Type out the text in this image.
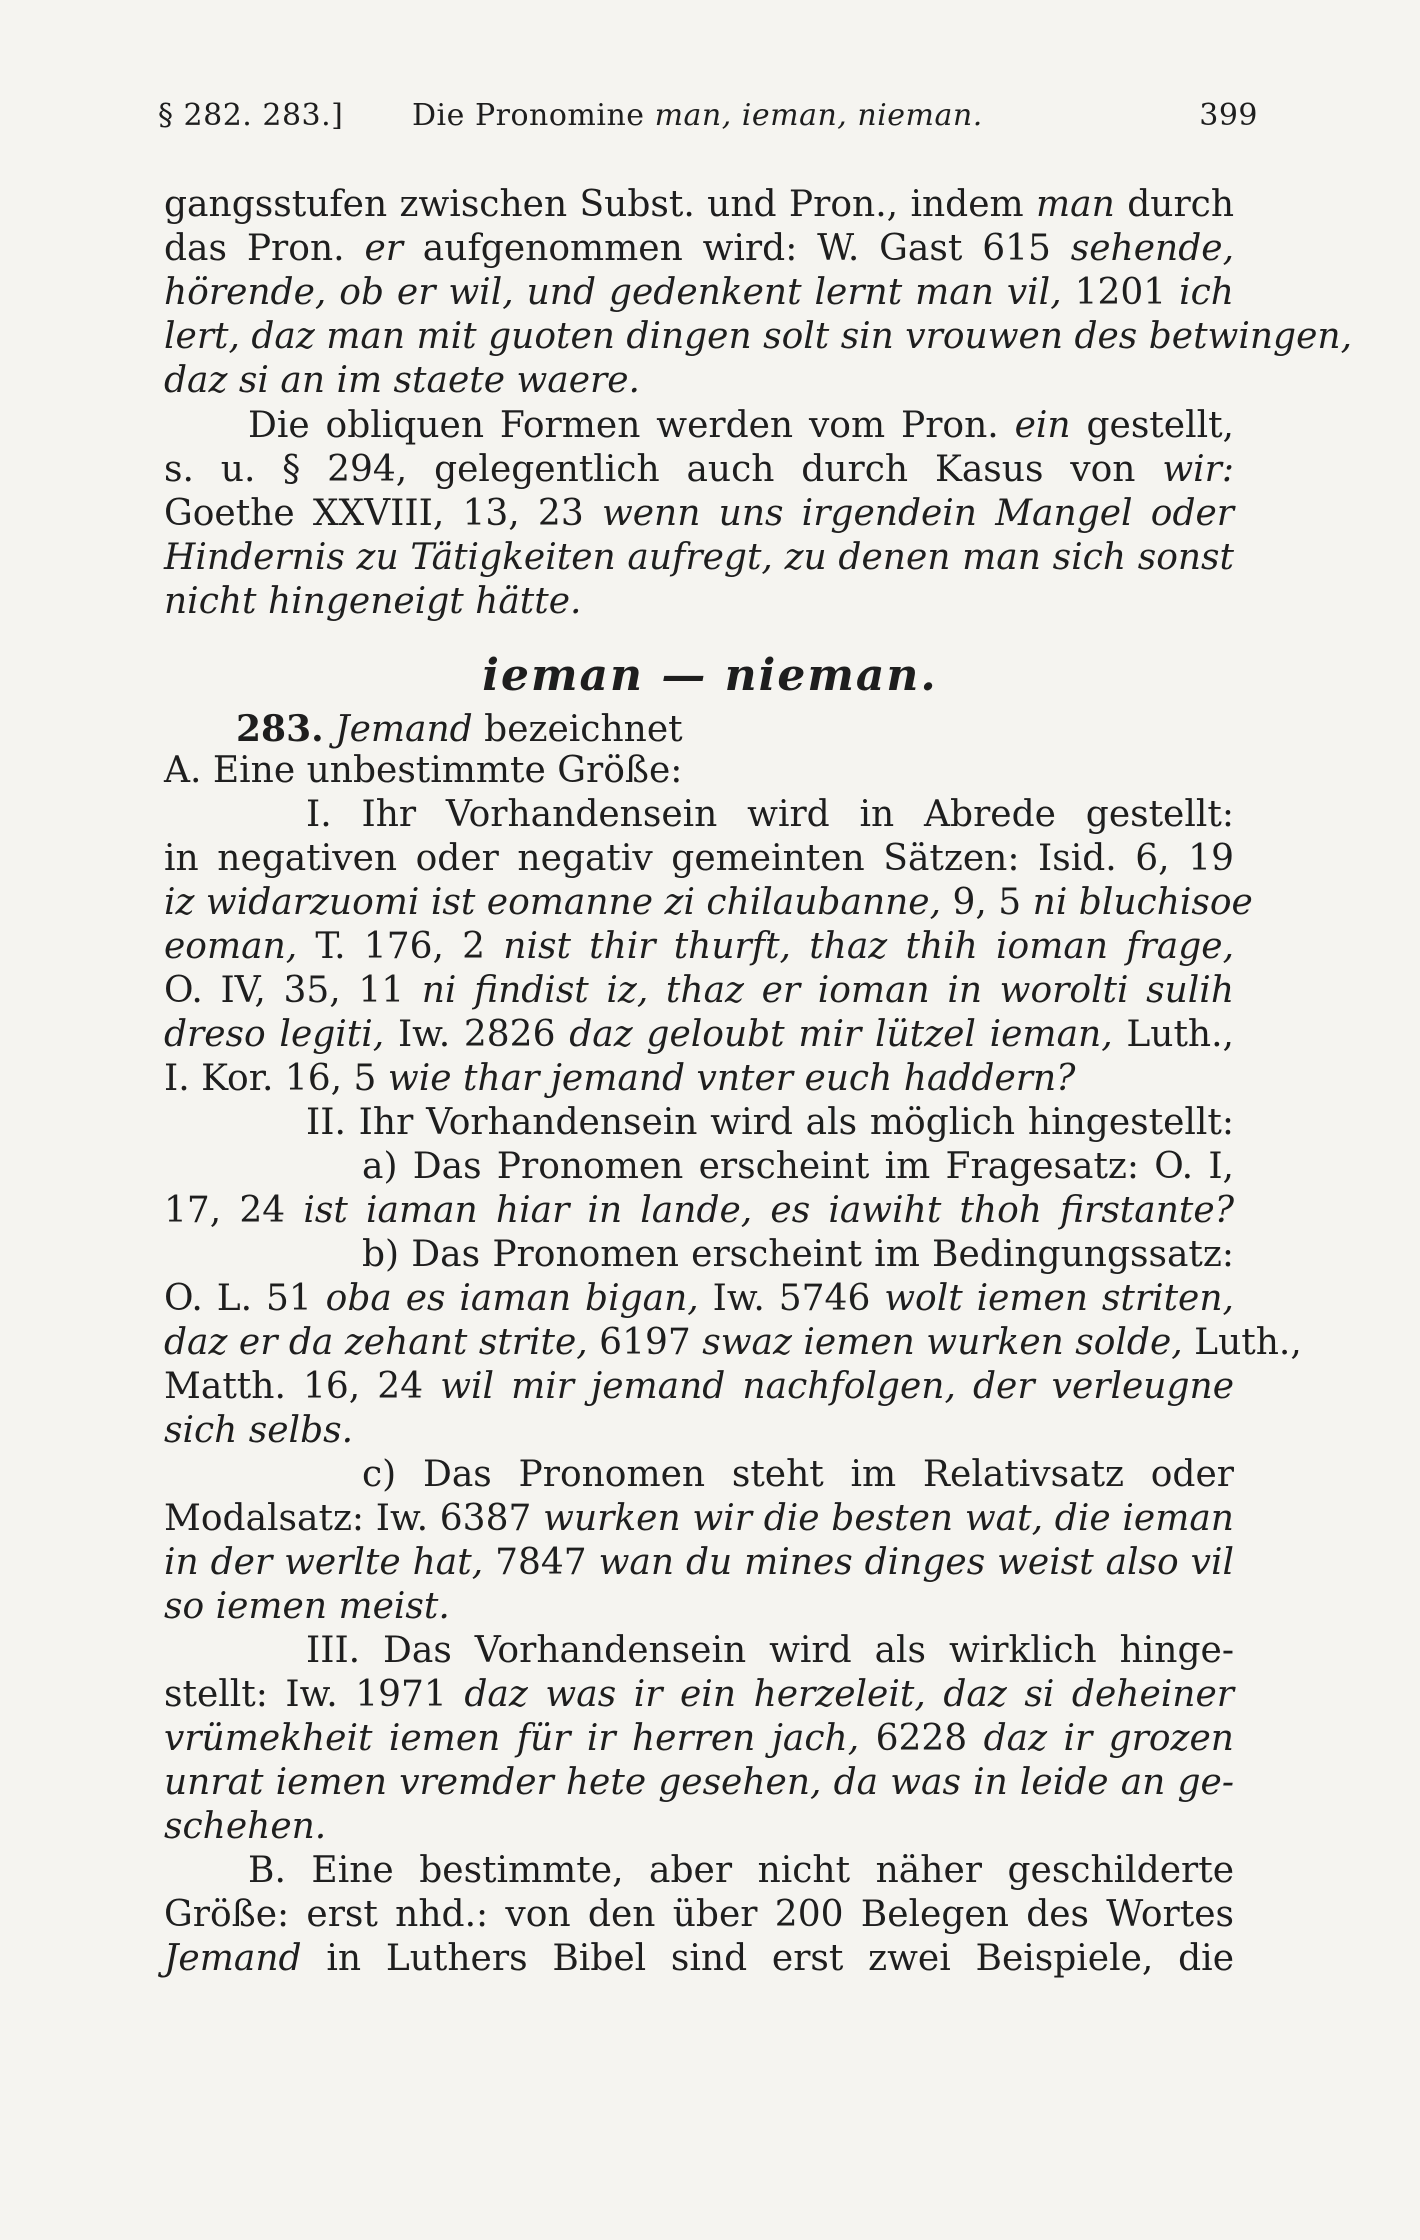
§ 282. 283.] Die Pronomine man, ieman, nieman.	399
ieman — nieman.
gangsstufen zwischen Subst. und Pron., indem man durch
das Pron. er aufgenommen wird: W. Gast 615 sehende,
hörende, ob er wil, und gedenkent lernt man vil, 1201 ich
lert, daz man mit guoten dingen solt sin vrouwen des betwingen,
daz si an im staete waere.
Die obliquen Formen werden vom Pron. ein gestellt,
s. u. § 294, gelegentlich auch durch Kasus von wir:
Goethe XXVIII, 13, 23 wenn uns irgendein Mangel oder
Hindernis zu Tätigkeiten aufregt, zu denen man sich sonst
nicht hingeneigt hätte.
283. Jemand bezeichnet
A. Eine unbestimmte Größe:
I. Ihr Vorhandensein wird in Abrede gestellt:
in negativen oder negativ gemeinten Sätzen: Isid. 6, 19
iz widarzuomi ist eomanne zi chilaubanne, 9, 5 ni bluchisoe
eoman, T. 176, 2 nist thir thurft, thaz thih ioman frage,
O. IV, 35, 11 ni findist iz, thaz er ioman in worolti sulih
dreso legiti, Iw. 2826 daz geloubt mir lützel ieman, Luth.,
I. Kor. 16, 5 wie thar jemand vnter euch haddern?
II. Ihr Vorhandensein wird als möglich hingestellt:
a) Das Pronomen erscheint im Fragesatz: O. I,
17, 24 ist iaman hiar in lande, es iawiht thoh firstante?
b) Das Pronomen erscheint im Bedingungssatz:
O. L. 51 oba es iaman bigan, Iw. 5746 wolt iemen striten,
daz er da zehant strite, 6197 swaz iemen wurken solde, Luth.,
Matth. 16, 24 wil mir jemand nachfolgen, der verleugne
sich selbs.
c) Das Pronomen steht im Relativsatz oder
Modalsatz: Iw. 6387 wurken wir die besten wat, die ieman
in der werlte hat, 7847 wan du mines dinges weist also vil
so iemen meist.
III. Das Vorhandensein wird als wirklich hinge-
stellt: Iw. 1971 daz was ir ein herzeleit, daz si deheiner
vrümekheit iemen für ir herren jach, 6228 daz ir grozen
unrat iemen vremder hete gesehen, da was in leide an ge-
schehen.
B. Eine bestimmte, aber nicht näher geschilderte
Größe: erst nhd.: von den über 200 Belegen des Wortes
Jemand in Luthers Bibel sind erst zwei Beispiele, die
